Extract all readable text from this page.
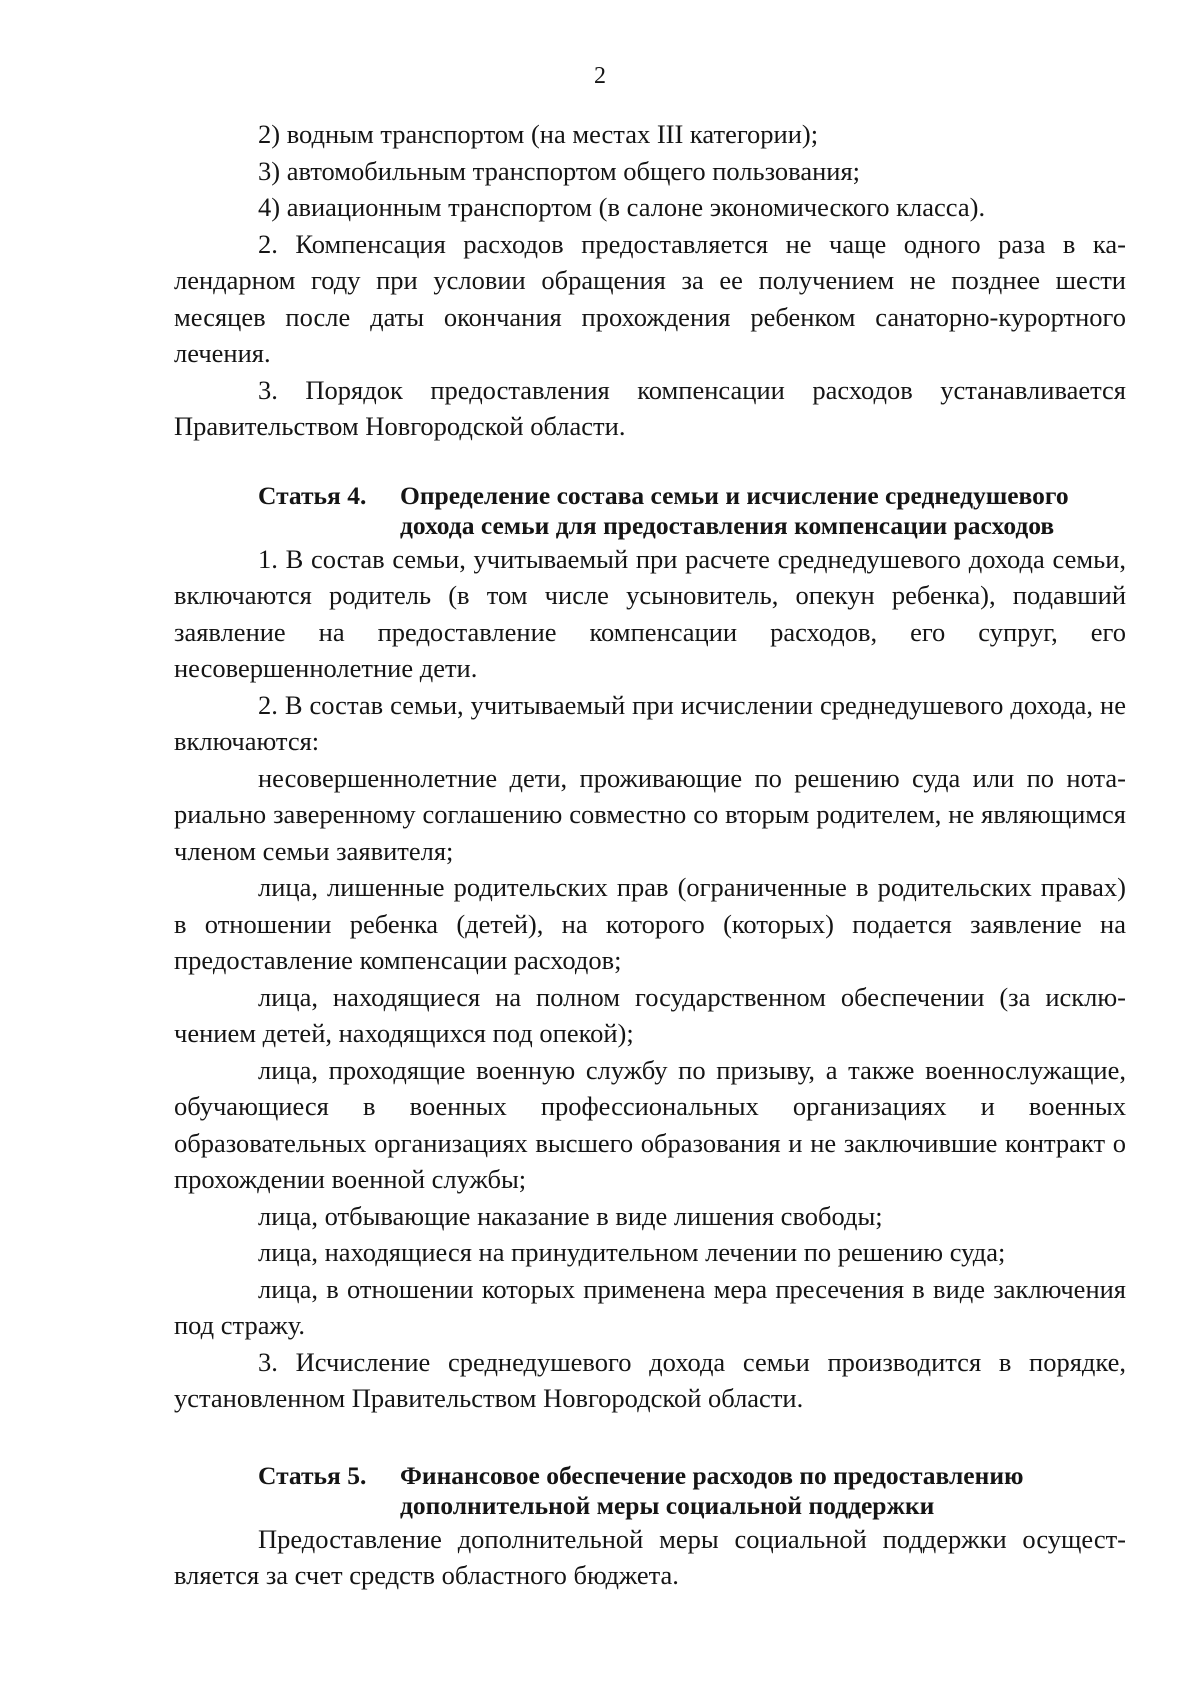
2

2) водным транспортом (на местах III категории);

3) автомобильным транспортом общего пользования;

4) авиационным транспортом (в салоне экономического класса).

2. Компенсация расходов предоставляется не чаще одного раза в календарном году при условии обращения за ее получением не позднее шести месяцев после даты окончания прохождения ребенком санаторно-курортного лечения.

3. Порядок предоставления компенсации расходов устанавливается Правительством Новгородской области.

Статья 4.	Определение состава семьи и исчисление среднедушевого дохода семьи для предоставления компенсации расходов

1. В состав семьи, учитываемый при расчете среднедушевого дохода семьи, включаются родитель (в том числе усыновитель, опекун ребенка), подавший заявление на предоставление компенсации расходов, его супруг, его несовершеннолетние дети.

2. В состав семьи, учитываемый при исчислении среднедушевого дохода, не включаются:

несовершеннолетние дети, проживающие по решению суда или по нотариально заверенному соглашению совместно со вторым родителем, не являющимся членом семьи заявителя;

лица, лишенные родительских прав (ограниченные в родительских правах) в отношении ребенка (детей), на которого (которых) подается заявление на предоставление компенсации расходов;

лица, находящиеся на полном государственном обеспечении (за исключением детей, находящихся под опекой);

лица, проходящие военную службу по призыву, а также военнослужащие, обучающиеся в военных профессиональных организациях и военных образовательных организациях высшего образования и не заключившие контракт о прохождении военной службы;

лица, отбывающие наказание в виде лишения свободы;

лица, находящиеся на принудительном лечении по решению суда;

лица, в отношении которых применена мера пресечения в виде заключения под стражу.

3. Исчисление среднедушевого дохода семьи производится в порядке, установленном Правительством Новгородской области.

Статья 5.	Финансовое обеспечение расходов по предоставлению дополнительной меры социальной поддержки

Предоставление дополнительной меры социальной поддержки осуществляется за счет средств областного бюджета.
